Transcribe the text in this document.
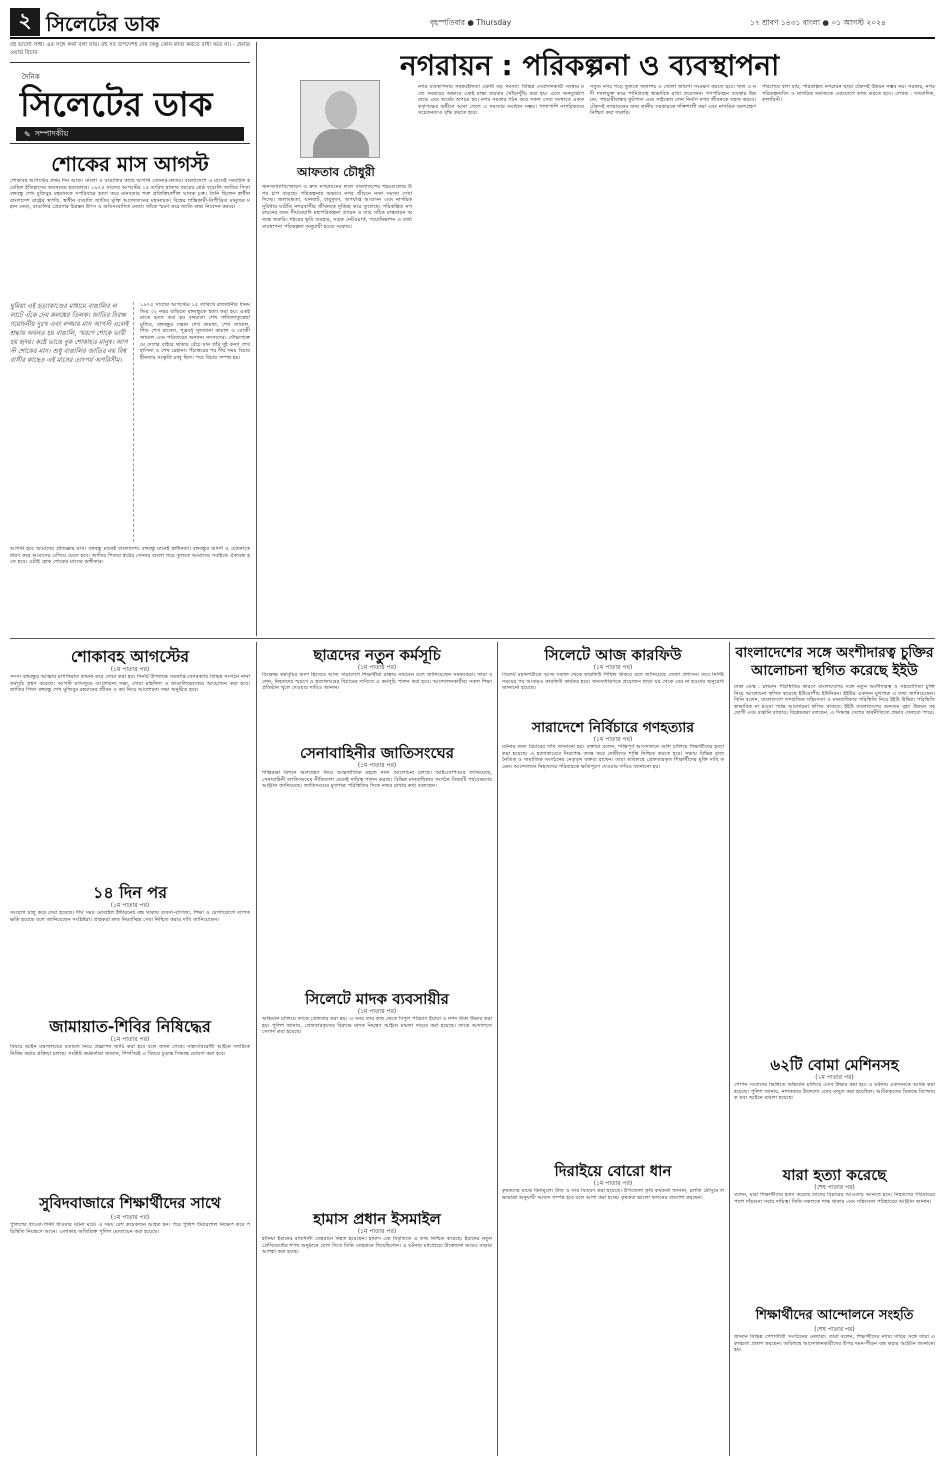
২ সিলেটের ডাক	বৃহস্পতিবার ● Thursday	১৭ শ্রাবণ ১৪৩১ বাংলা ● ০১ আগস্ট ২০২৪
বই ভালো সঙ্গী। এর সঙ্গে কথা বলা যায়। বই সব উপদেশই দেয় কিন্তু কোন কাজ করতে বাধ্য করে না। - হেনরি ওয়ার্ড বিচার
দৈনিক
সিলেটের ডাক
✎ সম্পাদকীয়
শোকের মাস আগস্ট
শোকাবহ আগস্টের প্রথম দিন আজ। বাংলা ও বাঙালির কাছে আগস্ট বেদনার-কাতর। বাংলাদেশে এ মাসেই সংঘটিত হয়েছিল ইতিহাসের জঘন্যতম হত্যাকাণ্ড। ১৯৭৫ সালের আগস্টের ১৫ তারিখ হাজার বছরের শ্রেষ্ঠ বাঙালি জাতির পিতা বঙ্গবন্ধু শেখ মুজিবুর রহমানকে সপরিবারে হত্যা করে মানবতার শত্রু প্রতিক্রিয়াশীল ঘাতক চক্র। তিনি ছিলেন স্বাধীন বাংলাদেশ রাষ্ট্রের স্থপতি, স্বাধীন বাঙালি জাতির মুক্তি আন্দোলনের মহানায়ক। বিশ্বের শান্তিকামী-নিপীড়িত মানুষের মহান নেতা, বাঙালির প্রেরণার চিরন্তন উৎস ও অবিসংবাদিত নেতা। তাঁকে স্মরণ করে জাতি শ্রদ্ধা নিবেদন করবে।
১৯৭৫ সালের আগস্টের ১৫ তারিখে রাজধানীর ধানমন্ডির ৩২ নম্বর বাড়িতে বঙ্গবন্ধুকে হত্যা করা হয়। একই রাতে হত্যা করা হয় বঙ্গমাতা শেখ ফজিলাতুন্নেছা মুজিব, বঙ্গবন্ধুর সন্তান শেখ কামাল, শেখ জামাল, শিশু শেখ রাসেল, পুত্রবধূ সুলতানা কামাল ও রোজী জামাল এবং পরিবারের অন্যান্য সদস্যদের। সৌভাগ্যক্রমে দেশের বাইরে থাকায় বেঁচে যান তাঁর দুই কন্যা শেখ হাসিনা ও শেখ রেহানা। পঁচাত্তরের পর দীর্ঘ সময় বিচারহীনতার সংস্কৃতি চালু ছিল। পরে বিচার সম্পন্ন হয়।
ঘুমিয়া এই হত্যাকাণ্ডের মাধ্যমে বাঙালির ললাটে এঁকে দেয় কলঙ্কের তিলক। জাতির চিরঋণমোচনীয় দুঃখ এবং লজ্জার মাস আগস্ট এলেই শ্রদ্ধায় অবনত হয় বাঙালি, স্মরণে শোকে ভারী হয় হৃদয়। কষ্টে ভাঙে বুক শোকাহত মানুষ। আগস্ট শোকের মাস। শুধু বাঙালির জাতির নয় বিশ্ববাসীর কাছেও এই মাসের তাৎপর্য অপরিসীম।
আগস্ট হবে আমাদের প্রতিজ্ঞার মাস। বঙ্গবন্ধু মানেই বাংলাদেশ। বঙ্গবন্ধু মানেই স্বাধীনতা। বঙ্গবন্ধুর আদর্শ ও চেতনাকে ধারণ করে আমাদের এগিয়ে যেতে হবে। জাতির পিতার স্বপ্নের সোনার বাংলা গড়ে তুলতে আমাদের সবাইকে ঐক্যবদ্ধ হতে হবে। এটাই হোক শোকের মাসের অঙ্গীকার।
নগরায়ন : পরিকল্পনা ও ব্যবস্থাপনা
আফতাব চৌধুরী
জনসংখ্যাবিস্ফোরণ ও দ্রুত নগরায়নের ফলে বাংলাদেশের শহরগুলোর উপর চাপ বাড়ছে। পরিকল্পনার অভাবে নগর জীবনে নানা সমস্যা দেখা দিচ্ছে। জলাবদ্ধতা, যানজট, বায়ুদূষণ, অপর্যাপ্ত আবাসন এবং নাগরিক সুবিধার ঘাটতি নগরবাসীর জীবনকে দুর্বিষহ করে তুলেছে। পরিকল্পিত নগরায়নের জন্য দীর্ঘমেয়াদি মহাপরিকল্পনা প্রণয়ন ও তার সঠিক বাস্তবায়ন অত্যন্ত জরুরি। শহরের ভূমি ব্যবহার, সড়ক নেটওয়ার্ক, পয়োনিষ্কাশন ও বর্জ্য ব্যবস্থাপনা পরিকল্পনা অনুযায়ী হওয়া দরকার।
নগর ব্যবস্থাপনায় সমন্বয়হীনতা একটি বড় সমস্যা। বিভিন্ন সেবাদানকারী সংস্থার মধ্যে সমন্বয়ের অভাবে একই রাস্তা বারবার খোঁড়াখুঁড়ি করা হয়। এতে জনদুর্ভোগ বাড়ে এবং অর্থের অপচয় হয়। নগর সরকার গঠন করে সকল সেবা সংস্থাকে একক কর্তৃপক্ষের অধীনে আনা গেলে এ সমস্যার সমাধান সম্ভব। পাশাপাশি নাগরিকদের সচেতনতাও বৃদ্ধি করতে হবে।
সবুজ নগর গড়ে তুলতে জলাশয় ও খোলা জায়গা সংরক্ষণ করতে হবে। খাল ও নদী দখলমুক্ত করে পানিপ্রবাহ স্বাভাবিক রাখা প্রয়োজন। গণপরিবহন ব্যবস্থার উন্নয়ন, পথচারীবান্ধব ফুটপাত এবং সাইকেল লেন নির্মাণ নগর জীবনকে সহজ করবে। টেকসই নগরায়নের জন্য স্থানীয় সরকারকে শক্তিশালী করা এবং নাগরিক অংশগ্রহণ নিশ্চিত করা জরুরি।
পরিশেষে বলা যায়, পরিকল্পিত নগরায়ন ছাড়া টেকসই উন্নয়ন সম্ভব নয়। সরকার, নগর পরিকল্পনাবিদ ও নাগরিক সমাজকে একযোগে কাজ করতে হবে। লেখক : সাংবাদিক, কলামিস্ট।
শোকাবহ আগস্টের
(১ম পাতার পর)
সদস্য বঙ্গবন্ধুর আত্মার মাগফিরাত কামনা করে দোয়া করা হয়। দিনটি উপলক্ষে সরকারি-বেসরকারি বিভিন্ন সংগঠন নানা কর্মসূচি গ্রহণ করেছে। আগস্ট মাসজুড়ে আলোচনা সভা, দোয়া মাহফিল ও কাঙালিভোজের আয়োজন করা হবে। জাতির পিতা বঙ্গবন্ধু শেখ মুজিবুর রহমানের জীবন ও কর্ম নিয়ে আলোচনা সভা অনুষ্ঠিত হবে।
১৪ দিন পর
(১ম পাতার পর)
সংযোগ চালু করে দেয়া হয়েছে। দীর্ঘ সময় মোবাইল ইন্টারনেট বন্ধ থাকায় ব্যবসা-বাণিজ্য, শিক্ষা ও যোগাযোগে ব্যাপক ক্ষতি হয়েছে বলে জানিয়েছেন সংশ্লিষ্টরা। গ্রাহকরা দ্রুত নিরবচ্ছিন্ন সেবা নিশ্চিত করার দাবি জানিয়েছেন।
জামায়াত-শিবির নিষিদ্ধের
(১ম পাতার পর)
বিষয়ে আইন মন্ত্রণালয়ের মতামত নিয়ে প্রজ্ঞাপন জারি করা হবে বলে জানা গেছে। সন্ত্রাসবিরোধী আইনে দলটিকে নিষিদ্ধ করার প্রক্রিয়া চলছে। সংশ্লিষ্ট কর্মকর্তারা জানান, শিগগিরই এ বিষয়ে চূড়ান্ত সিদ্ধান্ত ঘোষণা করা হবে।
সুবিদবাজারে শিক্ষার্থীদের সাথে
(১ম পাতার পর)
পুলিশের ধাওয়া-পাল্টা ধাওয়ার ঘটনা ঘটে। এ সময় বেশ কয়েকজন আহত হন। পরে পুলিশ টিয়ারশেল নিক্ষেপ করে পরিস্থিতি নিয়ন্ত্রণে আনে। এলাকায় অতিরিক্ত পুলিশ মোতায়েন করা হয়েছে।
ছাত্রদের নতুন কর্মসূচি
(১ম পাতার পর)
বিক্ষোভ কর্মসূচির অংশ হিসেবে আজ সারাদেশে শিক্ষার্থীরা রাস্তায় নামবেন বলে জানিয়েছেন সমন্বয়করা। তারা বলেন, নিহতদের স্মরণে ও হত্যাকাণ্ডের বিচারের দাবিতে এ কর্মসূচি পালন করা হবে। আন্দোলনকারীরা সকল শিক্ষা প্রতিষ্ঠান খুলে দেওয়ার দাবিও জানান।
সেনাবাহিনীর জাতিসংঘের
(১ম পাতার পর)
শান্তিরক্ষা মিশনে অংশগ্রহণ নিয়ে আন্তর্জাতিক মহলে নানা আলোচনা চলছে। আইএসপিআর জানিয়েছে, সেনাবাহিনী জাতিসংঘের নীতিমালা মেনেই দায়িত্ব পালন করছে। বিভিন্ন মানবাধিকার সংগঠন বিষয়টি পর্যবেক্ষণের আহ্বান জানিয়েছে। জাতিসংঘের মুখপাত্র পরিস্থিতির দিকে নজর রাখার কথা বলেছেন।
সিলেটে মাদক ব্যবসায়ীর
(১ম পাতার পর)
অভিযান চালিয়ে তাকে গ্রেফতার করা হয়। এ সময় তার কাছ থেকে বিপুল পরিমাণ ইয়াবা ও নগদ টাকা উদ্ধার করা হয়। পুলিশ জানায়, গ্রেফতারকৃতের বিরুদ্ধে মাদক নিয়ন্ত্রণ আইনে মামলা দায়ের করা হয়েছে। তাকে আদালতে সোপর্দ করা হয়েছে।
হামাস প্রধান ইসমাইল
(১ম পাতার পর)
হানিয়া ইরানের রাজধানী তেহরানে নিহত হয়েছেন। হামাস এক বিবৃতিতে এ তথ্য নিশ্চিত করেছে। ইরানের নতুন প্রেসিডেন্টের শপথ অনুষ্ঠানে যোগ দিতে তিনি তেহরানে গিয়েছিলেন। এ ঘটনায় মধ্যপ্রাচ্যে উত্তেজনা আরও বাড়ার আশঙ্কা করা হচ্ছে।
সিলেটে আজ কারফিউ
(১ম পাতার পর)
সিলেট মহানগরীতে আজ সকাল থেকে কারফিউ শিথিল থাকবে বলে জানিয়েছে জেলা প্রশাসন। তবে নির্দিষ্ট সময়ের পর আবারও কারফিউ কার্যকর হবে। জনসাধারণকে প্রয়োজন ছাড়া ঘর থেকে বের না হওয়ার অনুরোধ জানানো হয়েছে।
সারাদেশে নির্বিচারে গণহত্যার
(১ম পাতার পর)
ঘটনার জন্য বিচারের দাবি জানানো হয়। বক্তারা বলেন, শান্তিপূর্ণ আন্দোলনে গুলি চালিয়ে শিক্ষার্থীদের হত্যা করা হয়েছে। এ হত্যাকাণ্ডের নিরপেক্ষ তদন্ত করে দোষীদের শাস্তি নিশ্চিত করতে হবে। সভায় বিভিন্ন রাজনৈতিক ও সামাজিক সংগঠনের নেতৃবৃন্দ বক্তব্য রাখেন। তারা অবিলম্বে গ্রেফতারকৃত শিক্ষার্থীদের মুক্তি দাবি করেন। আন্দোলনে নিহতদের পরিবারকে ক্ষতিপূরণ দেওয়ার দাবিও জানানো হয়।
দিরাইয়ে বোরো ধান
(১ম পাতার পর)
কৃষকদের মাঝে বিনামূল্যে বীজ ও সার বিতরণ করা হয়েছে। উপজেলা কৃষি কর্মকর্তা জানান, চলতি মৌসুমে লক্ষ্যমাত্রা অনুযায়ী আবাদ সম্পন্ন হবে বলে আশা করা হচ্ছে। কৃষকরা ভালো ফলনের প্রত্যাশা করছেন।
বাংলাদেশের সঙ্গে অংশীদারত্ব চুক্তির আলোচনা স্থগিত করেছে ইইউ
ঢাকা ডেস্ক : চলমান পরিস্থিতির কারণে বাংলাদেশের সঙ্গে নতুন অংশীদারত্ব ও সহযোগিতা চুক্তি নিয়ে আলোচনা স্থগিত করেছে ইউরোপীয় ইউনিয়ন। ইইউর একজন মুখপাত্র এ তথ্য জানিয়েছেন। তিনি বলেন, বাংলাদেশে সাম্প্রতিক সহিংসতা ও মানবাধিকার পরিস্থিতি নিয়ে ইইউ উদ্বিগ্ন। পরিস্থিতি স্বাভাবিক না হওয়া পর্যন্ত আলোচনা স্থগিত থাকবে। ইইউ বাংলাদেশের অন্যতম বৃহৎ উন্নয়ন সহযোগী এবং রপ্তানি বাজার। বিশ্লেষকরা বলছেন, এ সিদ্ধান্ত দেশের অর্থনীতিতে প্রভাব ফেলতে পারে।
৬২টি বোমা মেশিনসহ
(১ম পাতার পর)
গোপন সংবাদের ভিত্তিতে অভিযান চালিয়ে এসব উদ্ধার করা হয়। এ ঘটনায় একজনকে আটক করা হয়েছে। পুলিশ জানায়, নাশকতার উদ্দেশ্যে এসব মজুত করা হয়েছিল। আটককৃতের বিরুদ্ধে বিস্ফোরক দ্রব্য আইনে মামলা হয়েছে।
যারা হত্যা করেছে
(শেষ পাতার পর)
বলেন, যারা শিক্ষার্থীদের হত্যা করেছে তাদের বিচারের আওতায় আনতে হবে। নিহতদের পরিবারের পাশে দাঁড়ানো সবার দায়িত্ব। তিনি সকলকে শান্ত থাকার এবং সহিংসতা পরিহারের আহ্বান জানান।
শিক্ষার্থীদের আন্দোলনে সংহতি
(শেষ পাতার পর)
জানান বিভিন্ন পেশাজীবী সংগঠনের নেতারা। তারা বলেন, শিক্ষার্থীদের ন্যায্য দাবির সঙ্গে তারা একাত্মতা প্রকাশ করছেন। অবিলম্বে আন্দোলনকারীদের উপর দমন-পীড়ন বন্ধ করার আহ্বান জানানো হয়।
